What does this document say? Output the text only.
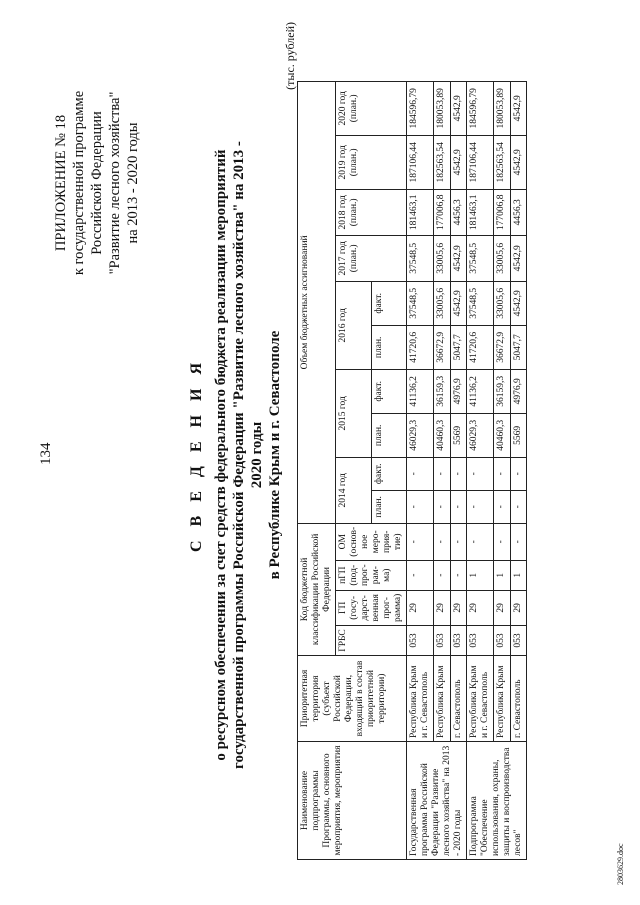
134
ПРИЛОЖЕНИЕ № 18 к государственной программе Российской Федерации "Развитие лесного хозяйства" на 2013 - 2020 годы
С В Е Д Е Н И Я о ресурсном обеспечении за счет средств федерального бюджета реализации мероприятий государственной программы Российской Федерации "Развитие лесного хозяйства" на 2013 - 2020 годы в Республике Крым и г. Севастополе
(тыс. рублей)
Наименование подпрограммы Программы, основного мероприятия, мероприятия	Приоритетная территория (субъект Российской Федерации, входящий в состав приоритетной территории)	Код бюджетной классификации Российской Федерации				Объем бюджетных ассигнований									
		ГРБС	ГП (госу-дарст-венная прог-рамма)	пГП (под-прог-рам-ма)	ОМ (основ-ное меро-прия-тие)	2014 год		2015 год		2016 год		2017 год (план.)	2018 год (план.)	2019 год (план.)	2020 год (план.)
						план.	факт.	план.	факт.	план.	факт.				
Государственная программа Российской Федерации "Развитие лесного хозяйства" на 2013 - 2020 годы	Республика Крым и г. Севастополь	053	29	-	-	-	-	46029,3	41136,2	41720,6	37548,5	37548,5	181463,1	187106,44	184596,79
	Республика Крым	053	29	-	-	-	-	40460,3	36159,3	36672,9	33005,6	33005,6	177006,8	182563,54	180053,89
	г. Севастополь	053	29	-	-	-	-	5569	4976,9	5047,7	4542,9	4542,9	4456,3	4542,9	4542,9
Подпрограмма "Обеспечение использования, охраны, защиты и воспроизводства лесов"	Республика Крым и г. Севастополь	053	29	1	-	-	-	46029,3	41136,2	41720,6	37548,5	37548,5	181463,1	187106,44	184596,79
	Республика Крым	053	29	1	-	-	-	40460,3	36159,3	36672,9	33005,6	33005,6	177006,8	182563,54	180053,89
	г. Севастополь	053	29	1	-	-	-	5569	4976,9	5047,7	4542,9	4542,9	4456,3	4542,9	4542,9
2803629.doc
